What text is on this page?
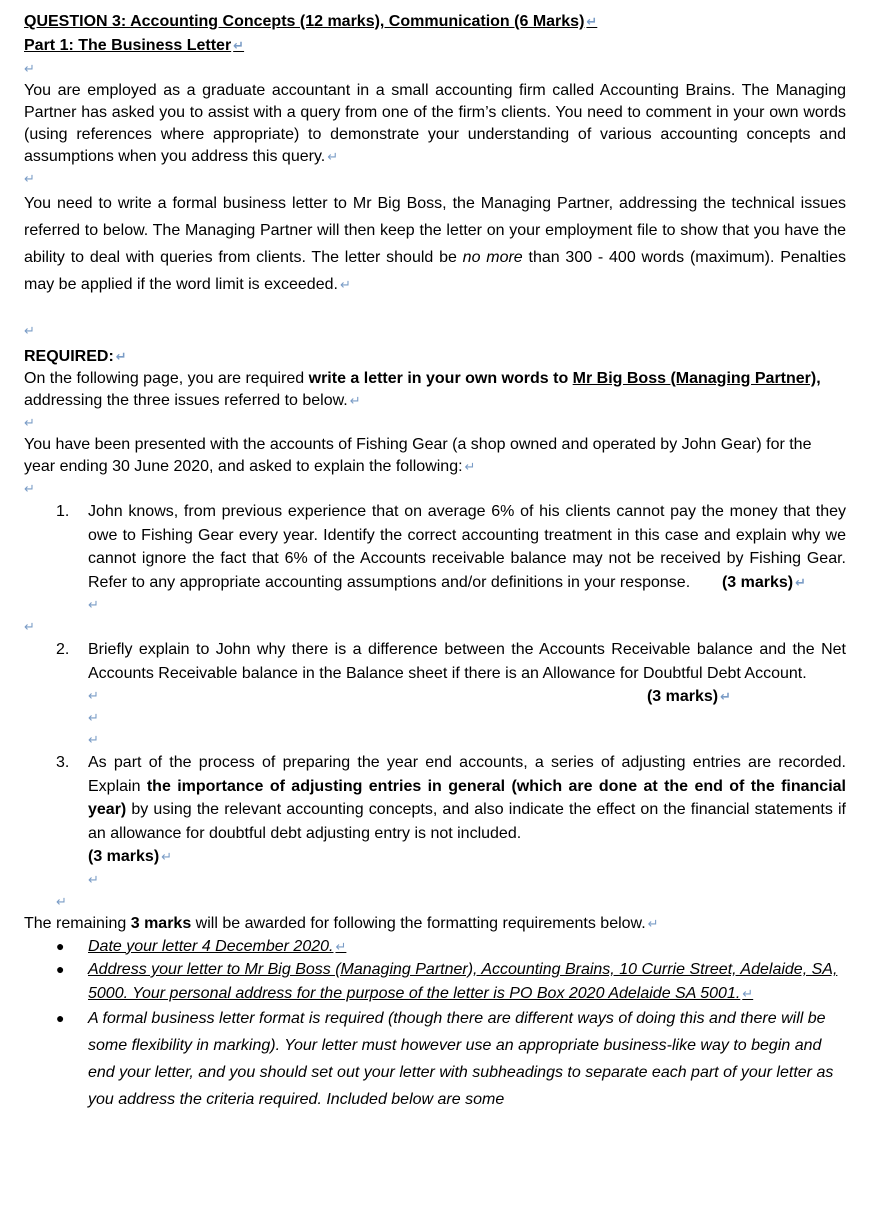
QUESTION 3: Accounting Concepts (12 marks), Communication (6 Marks) ↵

Part 1: The Business Letter ↵

↵

You are employed as a graduate accountant in a small accounting firm called Accounting Brains. The Managing Partner has asked you to assist with a query from one of the firm’s clients. You need to comment in your own words (using references where appropriate) to demonstrate your understanding of various accounting concepts and assumptions when you address this query. ↵

↵

You need to write a formal business letter to Mr Big Boss, the Managing Partner, addressing the technical issues referred to below. The Managing Partner will then keep the letter on your employment file to show that you have the ability to deal with queries from clients. The letter should be no more than 300 - 400 words (maximum). Penalties may be applied if the word limit is exceeded. ↵

↵

REQUIRED: ↵

On the following page, you are required write a letter in your own words to Mr Big Boss (Managing Partner), addressing the three issues referred to below. ↵

↵

You have been presented with the accounts of Fishing Gear (a shop owned and operated by John Gear) for the year ending 30 June 2020, and asked to explain the following: ↵

↵
1. John knows, from previous experience that on average 6% of his clients cannot pay the money that they owe to Fishing Gear every year. Identify the correct accounting treatment in this case and explain why we cannot ignore the fact that 6% of the Accounts receivable balance may not be received by Fishing Gear. Refer to any appropriate accounting assumptions and/or definitions in your response. (3 marks) ↵
↵
↵
2. Briefly explain to John why there is a difference between the Accounts Receivable balance and the Net Accounts Receivable balance in the Balance sheet if there is an Allowance for Doubtful Debt Account.
(3 marks) ↵
↵
↵
↵
3. As part of the process of preparing the year end accounts, a series of adjusting entries are recorded. Explain the importance of adjusting entries in general (which are done at the end of the financial year) by using the relevant accounting concepts, and also indicate the effect on the financial statements if an allowance for doubtful debt adjusting entry is not included.
(3 marks) ↵
↵
↵

The remaining 3 marks will be awarded for following the formatting requirements below. ↵

● Date your letter 4 December 2020. ↵
● Address your letter to Mr Big Boss (Managing Partner), Accounting Brains, 10 Currie Street, Adelaide, SA, 5000. Your personal address for the purpose of the letter is PO Box 2020 Adelaide SA 5001. ↵
● A formal business letter format is required (though there are different ways of doing this and there will be some flexibility in marking). Your letter must however use an appropriate business-like way to begin and end your letter, and you should set out your letter with subheadings to separate each part of your letter as you address the criteria required. Included below are some
